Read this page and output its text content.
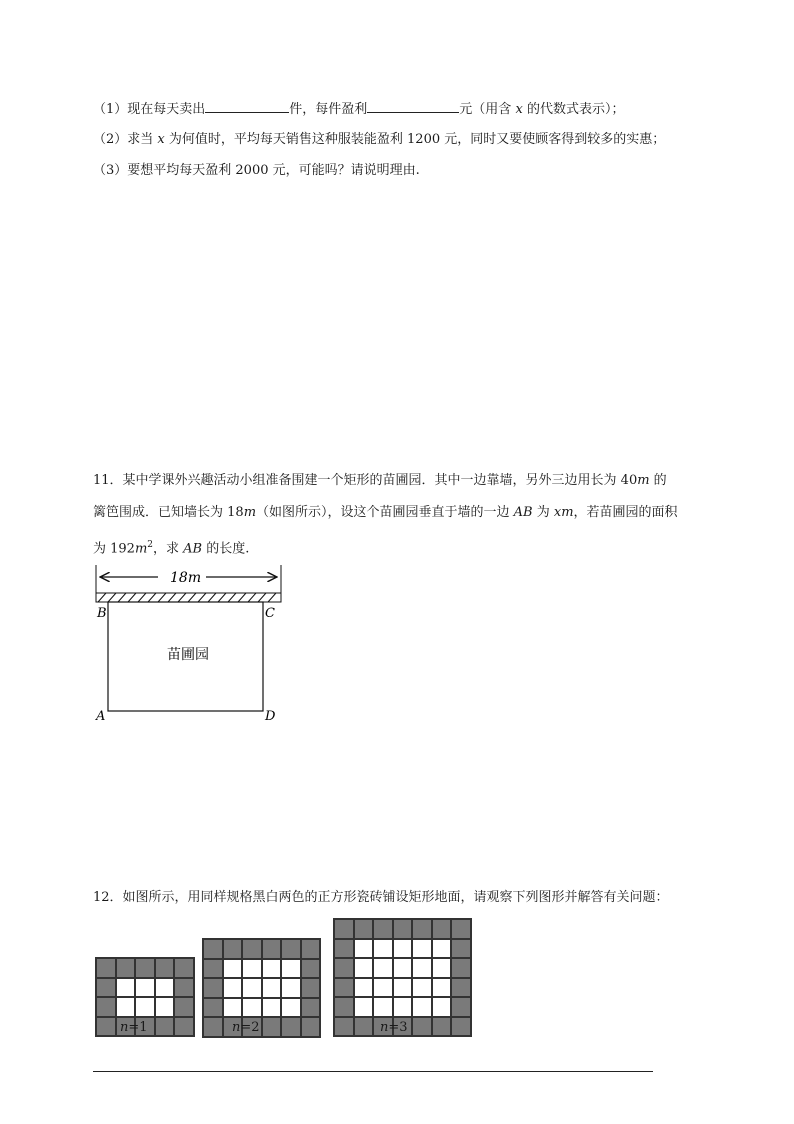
（1）现在每天卖出	件，每件盈利	元（用含 x 的代数式表示）；
（2）求当 x 为何值时，平均每天销售这种服装能盈利 1200 元，同时又要使顾客得到较多的实惠；
（3）要想平均每天盈利 2000 元，可能吗？请说明理由.
11．某中学课外兴趣活动小组准备围建一个矩形的苗圃园．其中一边靠墙，另外三边用长为 40m 的
篱笆围成．已知墙长为 18m（如图所示），设这个苗圃园垂直于墙的一边 AB 为 xm，若苗圃园的面积
为 $192m^2$，求 AB 的长度.
18m
苗圃园
B	C
A	D
12．如图所示，用同样规格黑白两色的正方形瓷砖铺设矩形地面，请观察下列图形并解答有关问题：
n=1	n=2	n=3
